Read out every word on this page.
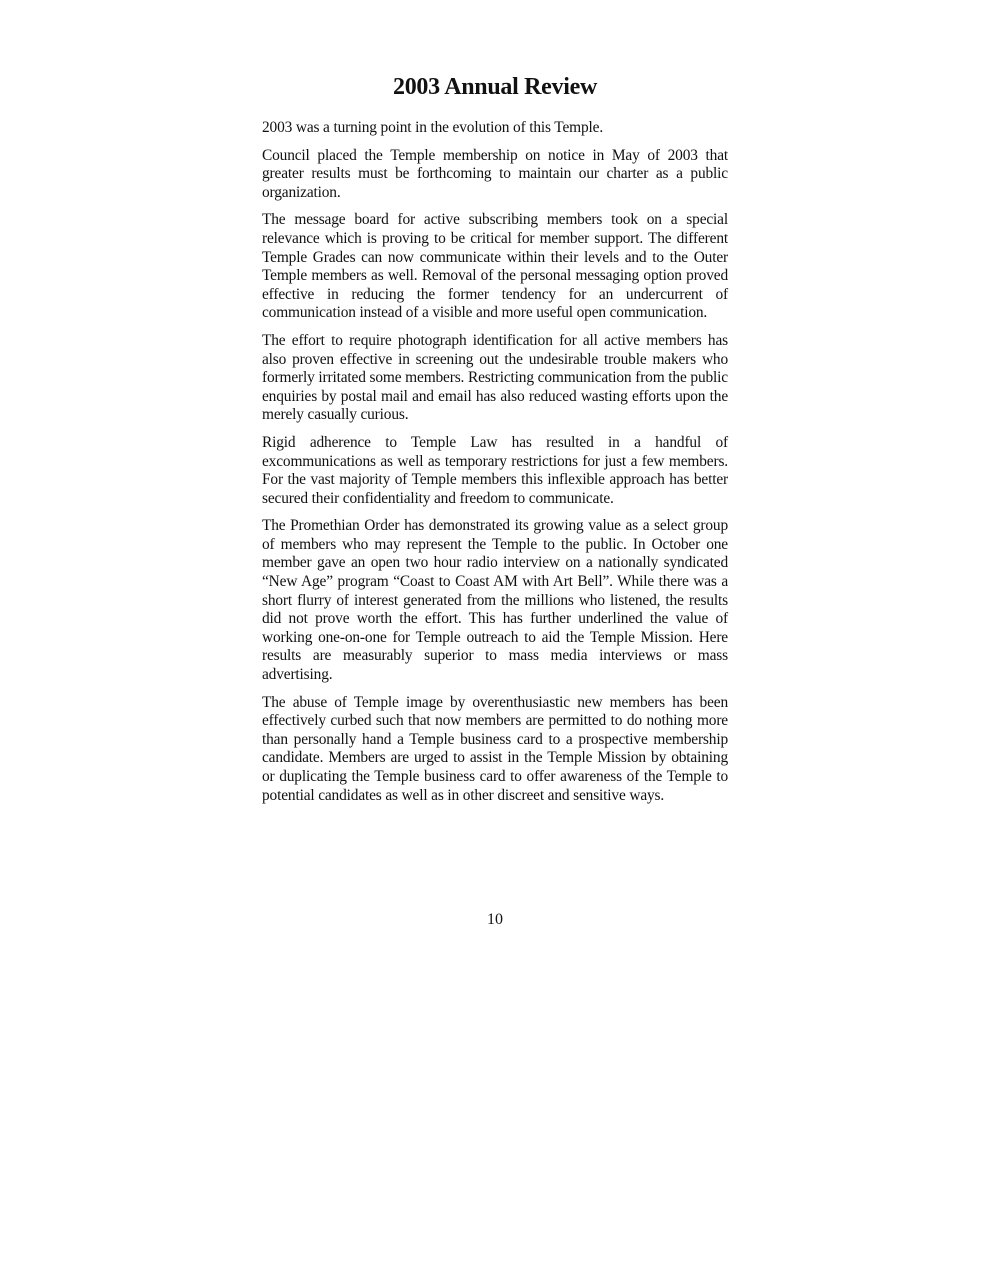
2003 Annual Review

2003 was a turning point in the evolution of this Temple.

Council placed the Temple membership on notice in May of 2003 that greater results must be forthcoming to maintain our charter as a public organization.

The message board for active subscribing members took on a special relevance which is proving to be critical for member support. The different Temple Grades can now communicate within their levels and to the Outer Temple members as well. Removal of the personal messaging option proved effective in reducing the former tendency for an undercurrent of communication instead of a visible and more useful open communication.

The effort to require photograph identification for all active members has also proven effective in screening out the undesirable trouble makers who formerly irritated some members. Restricting communication from the public enquiries by postal mail and email has also reduced wasting efforts upon the merely casually curious.

Rigid adherence to Temple Law has resulted in a handful of excommunications as well as temporary restrictions for just a few members. For the vast majority of Temple members this inflexible approach has better secured their confidentiality and freedom to communicate.

The Promethian Order has demonstrated its growing value as a select group of members who may represent the Temple to the public. In October one member gave an open two hour radio interview on a nationally syndicated “New Age” program “Coast to Coast AM with Art Bell”. While there was a short flurry of interest generated from the millions who listened, the results did not prove worth the effort. This has further underlined the value of working one-on-one for Temple outreach to aid the Temple Mission. Here results are measurably superior to mass media interviews or mass advertising.

The abuse of Temple image by overenthusiastic new members has been effectively curbed such that now members are permitted to do nothing more than personally hand a Temple business card to a prospective membership candidate. Members are urged to assist in the Temple Mission by obtaining or duplicating the Temple business card to offer awareness of the Temple to potential candidates as well as in other discreet and sensitive ways.

10
